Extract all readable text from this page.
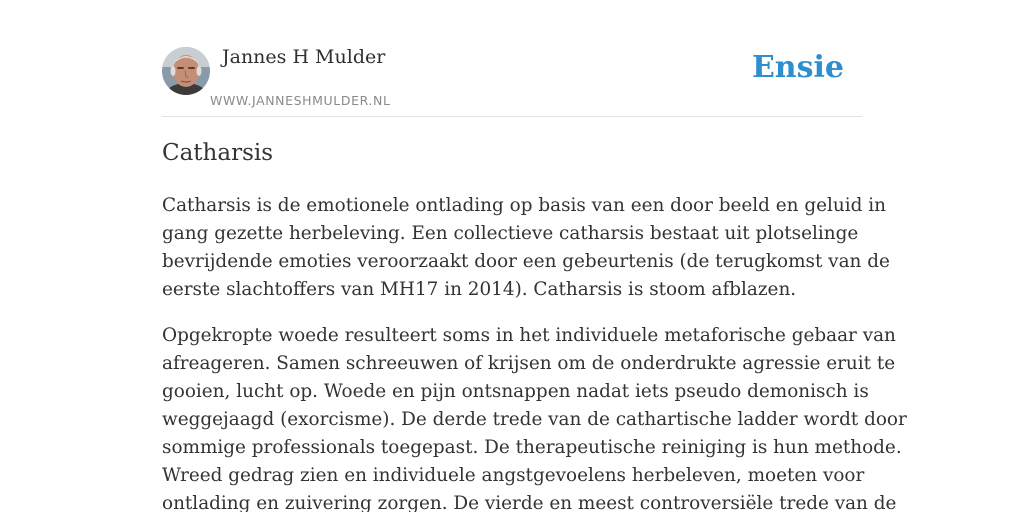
Jannes H Mulder
WWW.JANNESHMULDER.NL
Ensie
Catharsis

Catharsis is de emotionele ontlading op basis van een door beeld en geluid in
gang gezette herbeleving. Een collectieve catharsis bestaat uit plotselinge
bevrijdende emoties veroorzaakt door een gebeurtenis (de terugkomst van de
eerste slachtoffers van MH17 in 2014). Catharsis is stoom afblazen.

Opgekropte woede resulteert soms in het individuele metaforische gebaar van
afreageren. Samen schreeuwen of krijsen om de onderdrukte agressie eruit te
gooien, lucht op. Woede en pijn ontsnappen nadat iets pseudo demonisch is
weggejaagd (exorcisme). De derde trede van de cathartische ladder wordt door
sommige professionals toegepast. De therapeutische reiniging is hun methode.
Wreed gedrag zien en individuele angstgevoelens herbeleven, moeten voor
ontlading en zuivering zorgen. De vierde en meest controversiële trede van de
